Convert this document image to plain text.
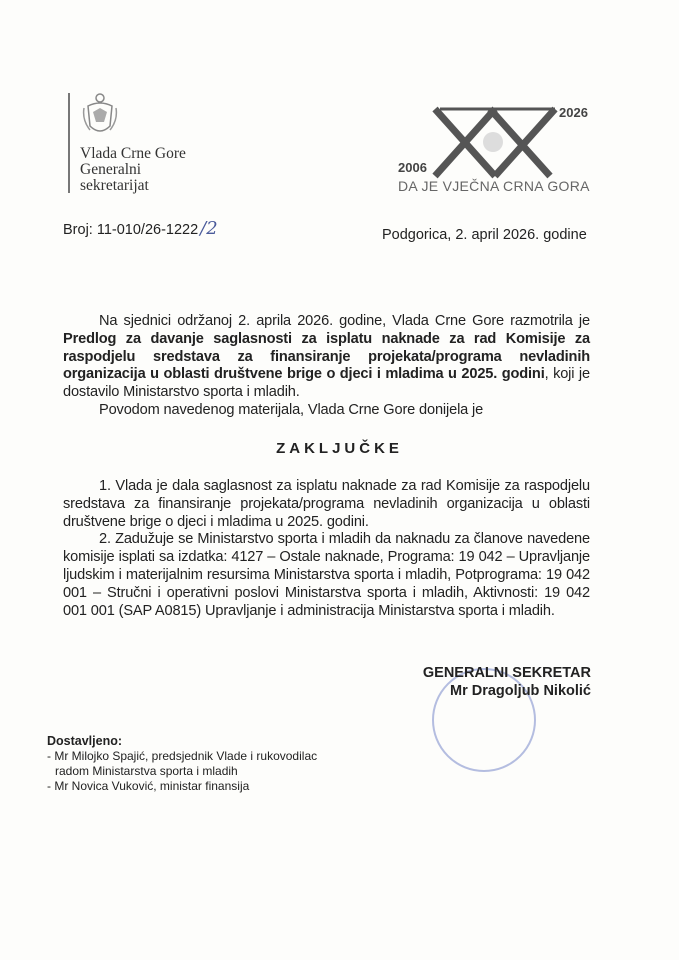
Vlada Crne Gore
Generalni
sekretarijat
2026
2006
DA JE VJEČNA CRNA GORA
Broj: 11-010/26-1222 /2	Podgorica, 2. april 2026. godine
Na sjednici održanoj 2. aprila 2026. godine, Vlada Crne Gore razmotrila je Predlog za davanje saglasnosti za isplatu naknade za rad Komisije za raspodjelu sredstava za finansiranje projekata/programa nevladinih organizacija u oblasti društvene brige o djeci i mladima u 2025. godini, koji je dostavilo Ministarstvo sporta i mladih.
Povodom navedenog materijala, Vlada Crne Gore donijela je
ZAKLJUČKE
1. Vlada je dala saglasnost za isplatu naknade za rad Komisije za raspodjelu sredstava za finansiranje projekata/programa nevladinih organizacija u oblasti društvene brige o djeci i mladima u 2025. godini.
2. Zadužuje se Ministarstvo sporta i mladih da naknadu za članove navedene komisije isplati sa izdatka: 4127 – Ostale naknade, Programa: 19 042 – Upravljanje ljudskim i materijalnim resursima Ministarstva sporta i mladih, Potprograma: 19 042 001 – Stručni i operativni poslovi Ministarstva sporta i mladih, Aktivnosti: 19 042 001 001 (SAP A0815) Upravljanje i administracija Ministarstva sporta i mladih.
GENERALNI SEKRETAR
Mr Dragoljub Nikolić
Dostavljeno:
- Mr Milojko Spajić, predsjednik Vlade i rukovodilac
radom Ministarstva sporta i mladih
- Mr Novica Vuković, ministar finansija
